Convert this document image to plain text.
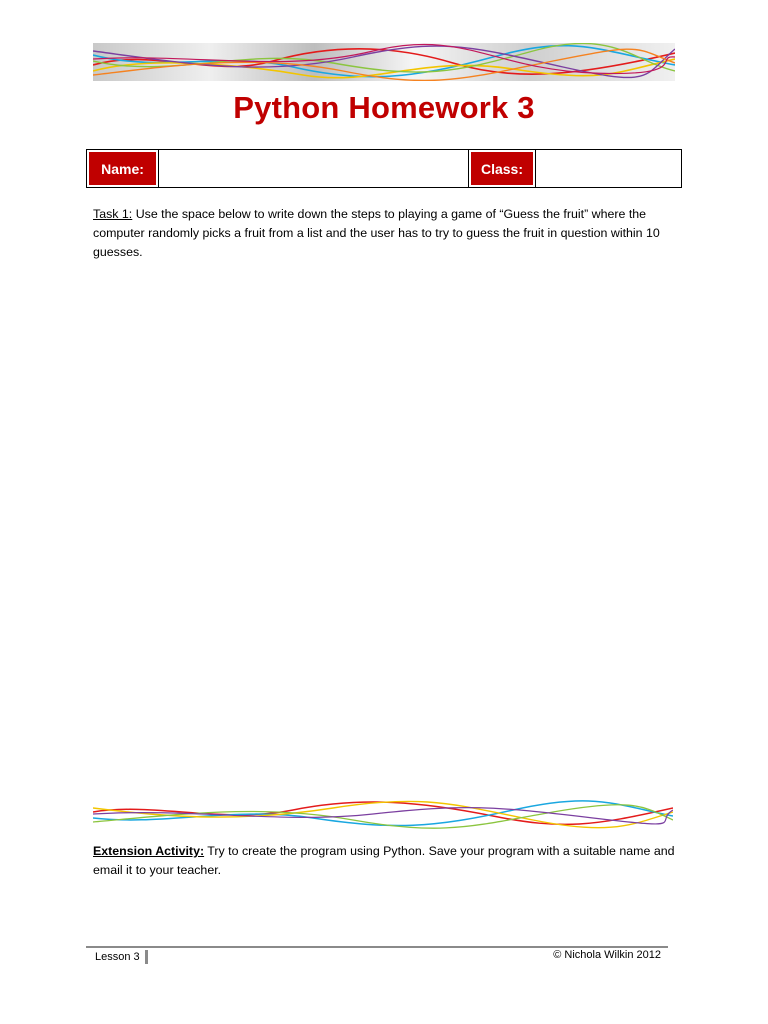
Python Homework 3
Name:	Class:
Task 1: Use the space below to write down the steps to playing a game of “Guess the fruit” where the computer randomly picks a fruit from a list and the user has to try to guess the fruit in question within 10 guesses.
Extension Activity: Try to create the program using Python. Save your program with a suitable name and email it to your teacher.
Lesson 3	© Nichola Wilkin 2012
